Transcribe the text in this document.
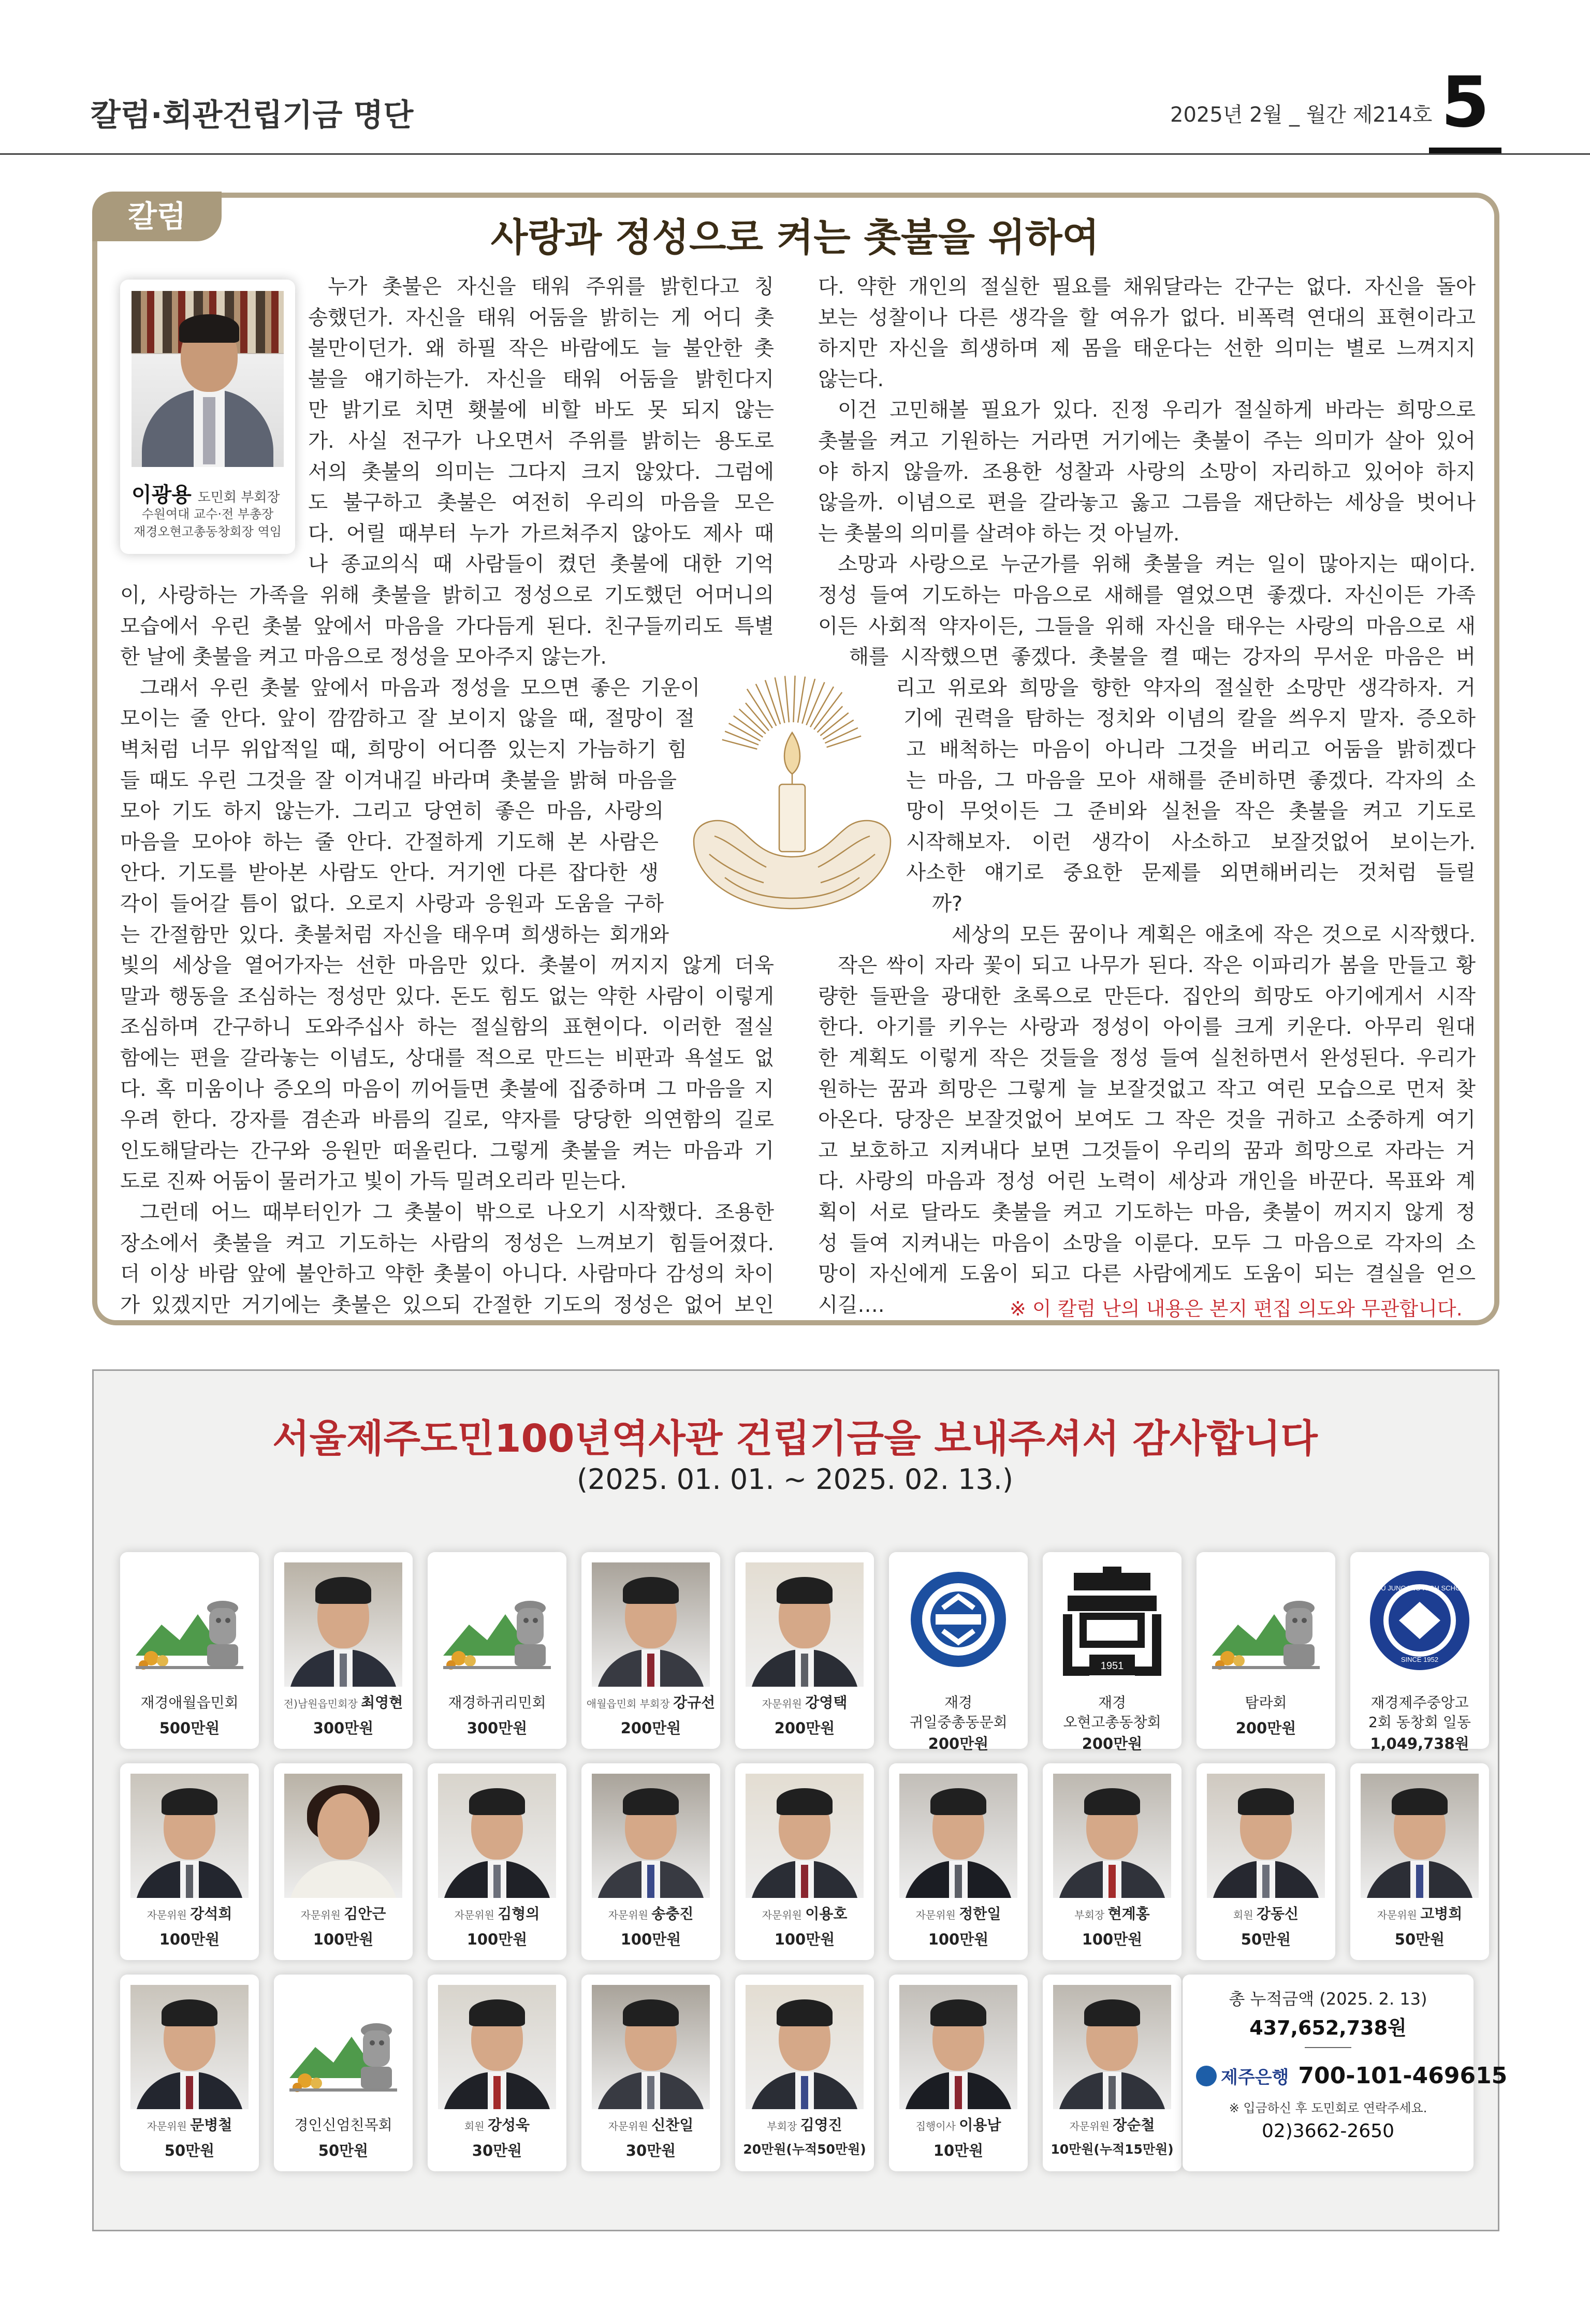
칼럼·회관건립기금 명단	2025년 2월 _ 월간 제214호 5
칼럼	사랑과 정성으로 켜는 촛불을 위하여
이광용 도민회 부회장
수원여대 교수·전 부총장
재경오현고총동창회장 역임
누가 촛불은 자신을 태워 주위를 밝힌다고 칭
송했던가. 자신을 태워 어둠을 밝히는 게 어디 촛
불만이던가. 왜 하필 작은 바람에도 늘 불안한 촛
불을 얘기하는가. 자신을 태워 어둠을 밝힌다지
만 밝기로 치면 횃불에 비할 바도 못 되지 않는
가. 사실 전구가 나오면서 주위를 밝히는 용도로
서의 촛불의 의미는 그다지 크지 않았다. 그럼에
도 불구하고 촛불은 여전히 우리의 마음을 모은
다. 어릴 때부터 누가 가르쳐주지 않아도 제사 때
나 종교의식 때 사람들이 켰던 촛불에 대한 기억
이, 사랑하는 가족을 위해 촛불을 밝히고 정성으로 기도했던 어머니의
모습에서 우린 촛불 앞에서 마음을 가다듬게 된다. 친구들끼리도 특별
한 날에 촛불을 켜고 마음으로 정성을 모아주지 않는가.
그래서 우린 촛불 앞에서 마음과 정성을 모으면 좋은 기운이
모이는 줄 안다. 앞이 깜깜하고 잘 보이지 않을 때, 절망이 절
벽처럼 너무 위압적일 때, 희망이 어디쯤 있는지 가늠하기 힘
들 때도 우린 그것을 잘 이겨내길 바라며 촛불을 밝혀 마음을
모아 기도 하지 않는가. 그리고 당연히 좋은 마음, 사랑의
마음을 모아야 하는 줄 안다. 간절하게 기도해 본 사람은
안다. 기도를 받아본 사람도 안다. 거기엔 다른 잡다한 생
각이 들어갈 틈이 없다. 오로지 사랑과 응원과 도움을 구하
는 간절함만 있다. 촛불처럼 자신을 태우며 희생하는 회개와
빛의 세상을 열어가자는 선한 마음만 있다. 촛불이 꺼지지 않게 더욱
말과 행동을 조심하는 정성만 있다. 돈도 힘도 없는 약한 사람이 이렇게
조심하며 간구하니 도와주십사 하는 절실함의 표현이다. 이러한 절실
함에는 편을 갈라놓는 이념도, 상대를 적으로 만드는 비판과 욕설도 없
다. 혹 미움이나 증오의 마음이 끼어들면 촛불에 집중하며 그 마음을 지
우려 한다. 강자를 겸손과 바름의 길로, 약자를 당당한 의연함의 길로
인도해달라는 간구와 응원만 떠올린다. 그렇게 촛불을 켜는 마음과 기
도로 진짜 어둠이 물러가고 빛이 가득 밀려오리라 믿는다.
그런데 어느 때부터인가 그 촛불이 밖으로 나오기 시작했다. 조용한
장소에서 촛불을 켜고 기도하는 사람의 정성은 느껴보기 힘들어졌다.
더 이상 바람 앞에 불안하고 약한 촛불이 아니다. 사람마다 감성의 차이
가 있겠지만 거기에는 촛불은 있으되 간절한 기도의 정성은 없어 보인
다. 약한 개인의 절실한 필요를 채워달라는 간구는 없다. 자신을 돌아
보는 성찰이나 다른 생각을 할 여유가 없다. 비폭력 연대의 표현이라고
하지만 자신을 희생하며 제 몸을 태운다는 선한 의미는 별로 느껴지지
않는다.
이건 고민해볼 필요가 있다. 진정 우리가 절실하게 바라는 희망으로
촛불을 켜고 기원하는 거라면 거기에는 촛불이 주는 의미가 살아 있어
야 하지 않을까. 조용한 성찰과 사랑의 소망이 자리하고 있어야 하지
않을까. 이념으로 편을 갈라놓고 옳고 그름을 재단하는 세상을 벗어나
는 촛불의 의미를 살려야 하는 것 아닐까.
소망과 사랑으로 누군가를 위해 촛불을 켜는 일이 많아지는 때이다.
정성 들여 기도하는 마음으로 새해를 열었으면 좋겠다. 자신이든 가족
이든 사회적 약자이든, 그들을 위해 자신을 태우는 사랑의 마음으로 새
해를 시작했으면 좋겠다. 촛불을 켤 때는 강자의 무서운 마음은 버
리고 위로와 희망을 향한 약자의 절실한 소망만 생각하자. 거
기에 권력을 탐하는 정치와 이념의 칼을 씌우지 말자. 증오하
고 배척하는 마음이 아니라 그것을 버리고 어둠을 밝히겠다
는 마음, 그 마음을 모아 새해를 준비하면 좋겠다. 각자의 소
망이 무엇이든 그 준비와 실천을 작은 촛불을 켜고 기도로
시작해보자. 이런 생각이 사소하고 보잘것없어 보이는가.
사소한 얘기로 중요한 문제를 외면해버리는 것처럼 들릴
까?
세상의 모든 꿈이나 계획은 애초에 작은 것으로 시작했다.
작은 싹이 자라 꽃이 되고 나무가 된다. 작은 이파리가 봄을 만들고 황
량한 들판을 광대한 초록으로 만든다. 집안의 희망도 아기에게서 시작
한다. 아기를 키우는 사랑과 정성이 아이를 크게 키운다. 아무리 원대
한 계획도 이렇게 작은 것들을 정성 들여 실천하면서 완성된다. 우리가
원하는 꿈과 희망은 그렇게 늘 보잘것없고 작고 여린 모습으로 먼저 찾
아온다. 당장은 보잘것없어 보여도 그 작은 것을 귀하고 소중하게 여기
고 보호하고 지켜내다 보면 그것들이 우리의 꿈과 희망으로 자라는 거
다. 사랑의 마음과 정성 어린 노력이 세상과 개인을 바꾼다. 목표와 계
획이 서로 달라도 촛불을 켜고 기도하는 마음, 촛불이 꺼지지 않게 정
성 들여 지켜내는 마음이 소망을 이룬다. 모두 그 마음으로 각자의 소
망이 자신에게 도움이 되고 다른 사람에게도 도움이 되는 결실을 얻으
시길….	※ 이 칼럼 난의 내용은 본지 편집 의도와 무관합니다.
서울제주도민100년역사관 건립기금을 보내주셔서 감사합니다
(2025. 01. 01. ~ 2025. 02. 13.)
재경애월읍민회
500만원
전)남원읍민회장 최영현
300만원
재경하귀리민회
300만원
애월읍민회 부회장 강규선
200만원
자문위원 강영택
200만원
재경
귀일중총동문회
200만원
1951
재경
오현고총동창회
200만원
탐라회
200만원
JEJU JUNGANG HIGH SCHOOL
SINCE 1952
재경제주중앙고
2회 동창회 일동
1,049,738원
자문위원 강석희
100만원
자문위원 김안근
100만원
자문위원 김형의
100만원
자문위원 송충진
100만원
자문위원 이용호
100만원
자문위원 정한일
100만원
부회장 현계홍
100만원
회원 강동신
50만원
자문위원 고병희
50만원
자문위원 문병철
50만원
경인신엄친목회
50만원
회원 강성욱
30만원
자문위원 신찬일
30만원
부회장 김영진
20만원(누적50만원)
집행이사 이용남
10만원
자문위원 장순철
10만원(누적15만원)
총 누적금액 (2025. 2. 13)
437,652,738원
제주은행 700-101-469615
※ 입금하신 후 도민회로 연락주세요.
02)3662-2650
